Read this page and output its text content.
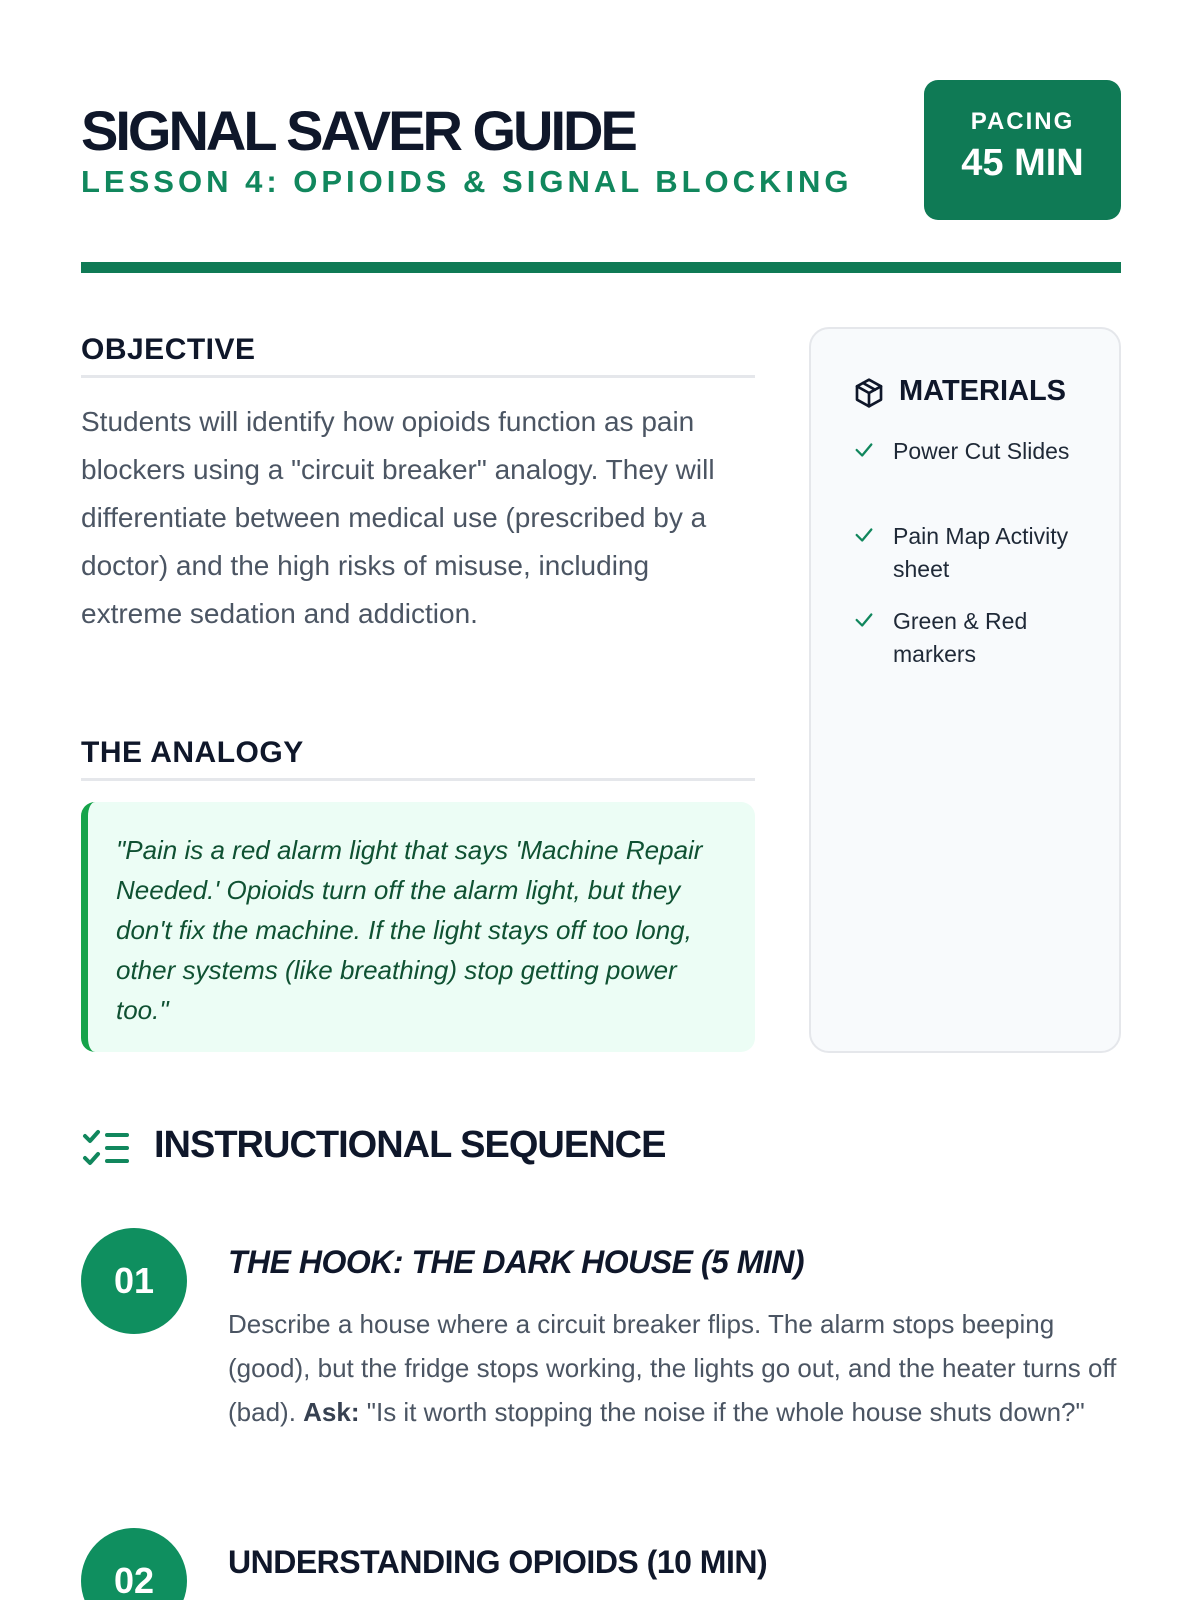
SIGNAL SAVER GUIDE
LESSON 4: OPIOIDS & SIGNAL BLOCKING
PACING
45 MIN
OBJECTIVE

Students will identify how opioids function as pain blockers using a "circuit breaker" analogy. They will differentiate between medical use (prescribed by a doctor) and the high risks of misuse, including extreme sedation and addiction.

THE ANALOGY

"Pain is a red alarm light that says 'Machine Repair Needed.' Opioids turn off the alarm light, but they don't fix the machine. If the light stays off too long, other systems (like breathing) stop getting power too."

MATERIALS
Power Cut Slides
Pain Map Activity sheet
Green & Red markers
INSTRUCTIONAL SEQUENCE
01	THE HOOK: THE DARK HOUSE (5 MIN)

Describe a house where a circuit breaker flips. The alarm stops beeping (good), but the fridge stops working, the lights go out, and the heater turns off (bad). Ask: "Is it worth stopping the noise if the whole house shuts down?"

02	UNDERSTANDING OPIOIDS (10 MIN)
